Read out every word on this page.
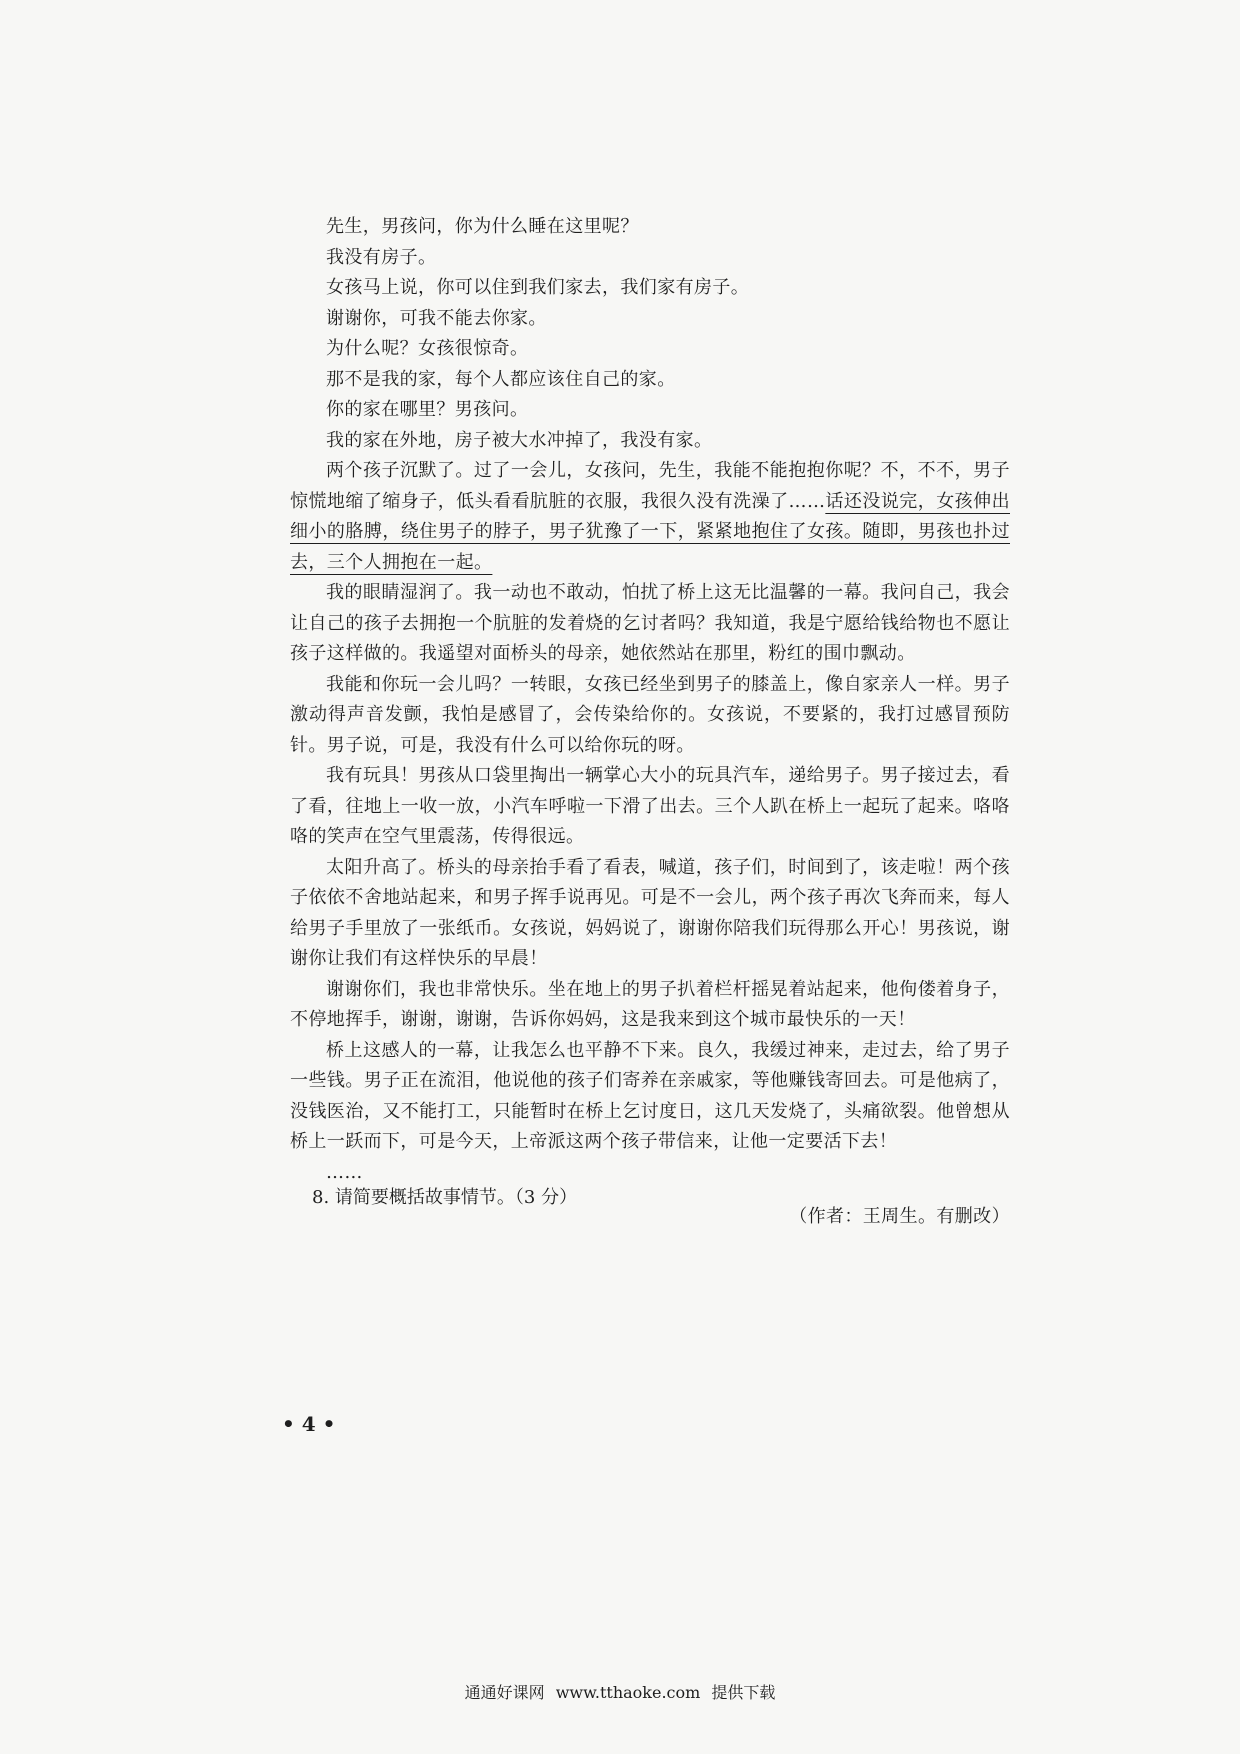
先生，男孩问，你为什么睡在这里呢？

我没有房子。

女孩马上说，你可以住到我们家去，我们家有房子。

谢谢你，可我不能去你家。

为什么呢？女孩很惊奇。

那不是我的家，每个人都应该住自己的家。

你的家在哪里？男孩问。

我的家在外地，房子被大水冲掉了，我没有家。

两个孩子沉默了。过了一会儿，女孩问，先生，我能不能抱抱你呢？不，不不，男子惊慌地缩了缩身子，低头看看肮脏的衣服，我很久没有洗澡了……话还没说完，女孩伸出细小的胳膊，绕住男子的脖子，男子犹豫了一下，紧紧地抱住了女孩。随即，男孩也扑过去，三个人拥抱在一起。

我的眼睛湿润了。我一动也不敢动，怕扰了桥上这无比温馨的一幕。我问自己，我会让自己的孩子去拥抱一个肮脏的发着烧的乞讨者吗？我知道，我是宁愿给钱给物也不愿让孩子这样做的。我遥望对面桥头的母亲，她依然站在那里，粉红的围巾飘动。

我能和你玩一会儿吗？一转眼，女孩已经坐到男子的膝盖上，像自家亲人一样。男子激动得声音发颤，我怕是感冒了，会传染给你的。女孩说，不要紧的，我打过感冒预防针。男子说，可是，我没有什么可以给你玩的呀。

我有玩具！男孩从口袋里掏出一辆掌心大小的玩具汽车，递给男子。男子接过去，看了看，往地上一收一放，小汽车呼啦一下滑了出去。三个人趴在桥上一起玩了起来。咯咯咯的笑声在空气里震荡，传得很远。

太阳升高了。桥头的母亲抬手看了看表，喊道，孩子们，时间到了，该走啦！两个孩子依依不舍地站起来，和男子挥手说再见。可是不一会儿，两个孩子再次飞奔而来，每人给男子手里放了一张纸币。女孩说，妈妈说了，谢谢你陪我们玩得那么开心！男孩说，谢谢你让我们有这样快乐的早晨！

谢谢你们，我也非常快乐。坐在地上的男子扒着栏杆摇晃着站起来，他佝偻着身子，不停地挥手，谢谢，谢谢，告诉你妈妈，这是我来到这个城市最快乐的一天！

桥上这感人的一幕，让我怎么也平静不下来。良久，我缓过神来，走过去，给了男子一些钱。男子正在流泪，他说他的孩子们寄养在亲戚家，等他赚钱寄回去。可是他病了，没钱医治，又不能打工，只能暂时在桥上乞讨度日，这几天发烧了，头痛欲裂。他曾想从桥上一跃而下，可是今天，上帝派这两个孩子带信来，让他一定要活下去！

……

（作者：王周生。有删改）
8. 请简要概括故事情节。（3 分）
• 4 •
通通好课网 www.tthaoke.com 提供下载
